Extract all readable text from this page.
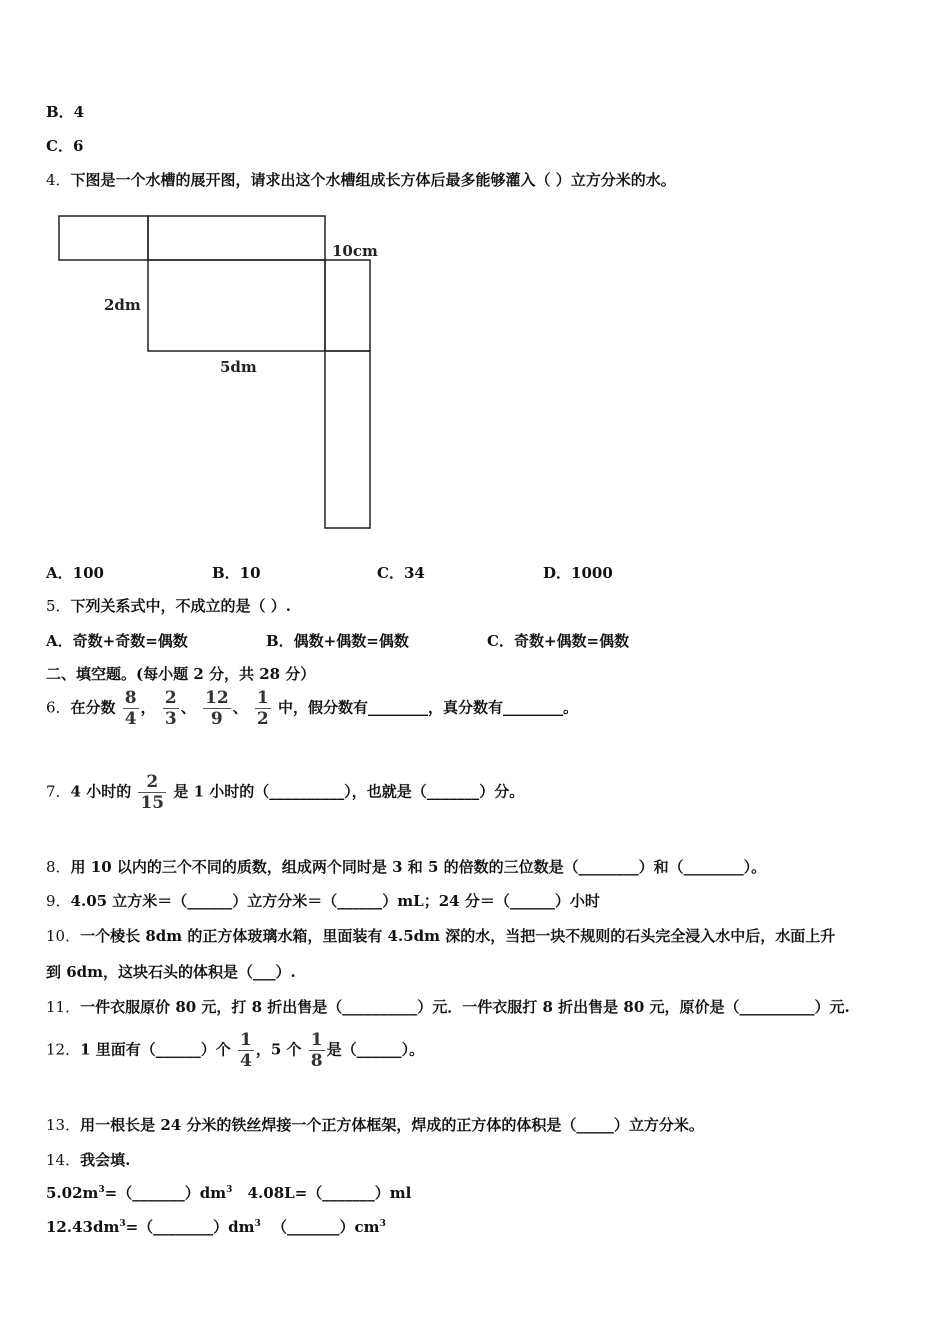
B．4
C．6
4．下图是一个水槽的展开图，请求出这个水槽组成长方体后最多能够灌入（ ）立方分米的水。
10cm
2dm
5dm
A．100	B．10	C．34	D．1000
5．下列关系式中，不成立的是（ ）.
A．奇数+奇数=偶数	B．偶数+偶数=偶数	C．奇数+偶数=偶数
二、填空题。(每小题 2 分，共 28 分）
6．在分数 $\frac{8}{4}$ ， $\frac{2}{3}$ 、 $\frac{12}{9}$ 、 $\frac{1}{2}$ 中，假分数有________，真分数有________。
7．4 小时的 $\frac{2}{15}$ 是 1 小时的（__________），也就是（_______）分。
8．用 10 以内的三个不同的质数，组成两个同时是 3 和 5 的倍数的三位数是（________）和（________）。
9．4.05 立方米＝（______）立方分米＝（______）mL；24 分＝（______）小时
10．一个棱长 8dm 的正方体玻璃水箱，里面装有 4.5dm 深的水，当把一块不规则的石头完全浸入水中后，水面上升
到 6dm，这块石头的体积是（___）.
11．一件衣服原价 80 元，打 8 折出售是（__________）元．一件衣服打 8 折出售是 80 元，原价是（__________）元.
12．1 里面有（______）个 $\frac{1}{4}$ ，5 个 $\frac{1}{8}$ 是（______）。
13．用一根长是 24 分米的铁丝焊接一个正方体框架，焊成的正方体的体积是（_____）立方分米。
14．我会填.
$5.02m^3=(\_\_\_\_\_\_\_)dm^3$ 4.08L=（_______）ml
$12.43dm^3=(\_\_\_\_\_\_\_\_)dm^3$ $(\_\_\_\_\_\_\_)cm^3$
